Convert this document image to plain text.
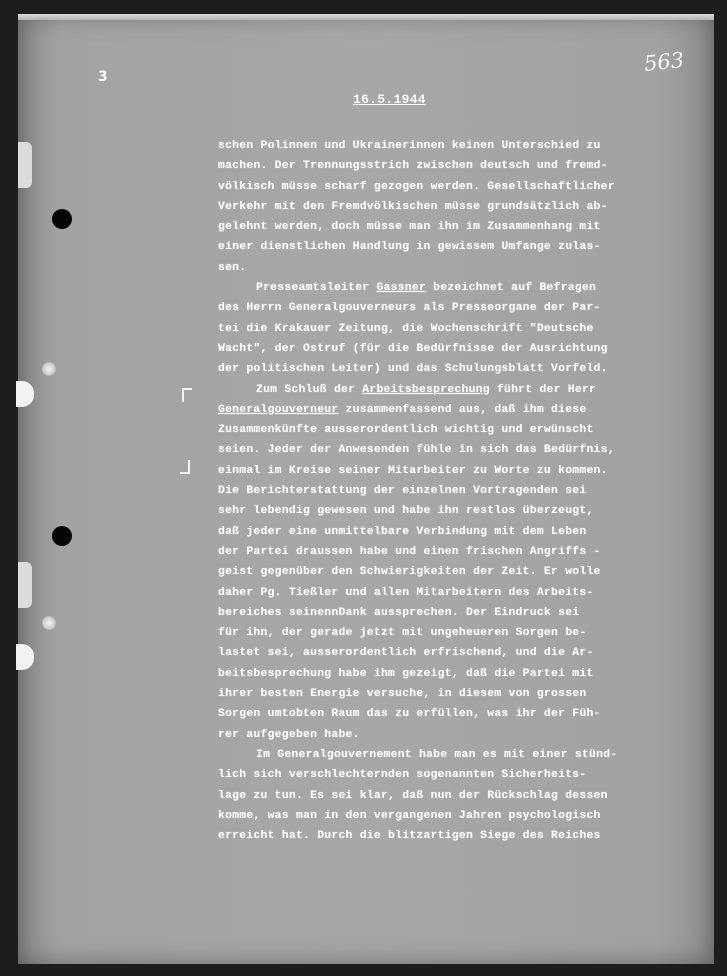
3
563
16.5.1944

schen Polinnen und Ukrainerinnen keinen Unterschied zu
machen. Der Trennungsstrich zwischen deutsch und fremd-
völkisch müsse scharf gezogen werden. Gesellschaftlicher
Verkehr mit den Fremdvölkischen müsse grundsätzlich ab-
gelehnt werden, doch müsse man ihn im Zusammenhang mit
einer dienstlichen Handlung in gewissem Umfange zulas-
sen.

Presseamtsleiter Gassner bezeichnet auf Befragen
des Herrn Generalgouverneurs als Presseorgane der Par-
tei die Krakauer Zeitung, die Wochenschrift "Deutsche
Wacht", der Ostruf (für die Bedürfnisse der Ausrichtung
der politischen Leiter) und das Schulungsblatt Vorfeld.

Zum Schluß der Arbeitsbesprechung führt der Herr
Generalgouverneur zusammenfassend aus, daß ihm diese
Zusammenkünfte ausserordentlich wichtig und erwünscht
seien. Jeder der Anwesenden fühle in sich das Bedürfnis,
einmal im Kreise seiner Mitarbeiter zu Worte zu kommen.
Die Berichterstattung der einzelnen Vortragenden sei
sehr lebendig gewesen und habe ihn restlos überzeugt,
daß jeder eine unmittelbare Verbindung mit dem Leben
der Partei draussen habe und einen frischen Angriffs -
geist gegenüber den Schwierigkeiten der Zeit. Er wolle
daher Pg. Tießler und allen Mitarbeitern des Arbeits-
bereiches seinennDank aussprechen. Der Eindruck sei
für ihn, der gerade jetzt mit ungeheueren Sorgen be-
lastet sei, ausserordentlich erfrischend, und die Ar-
beitsbesprechung habe ihm gezeigt, daß die Partei mit
ihrer besten Energie versuche, in diesem von grossen
Sorgen umtobten Raum das zu erfüllen, was ihr der Füh-
rer aufgegeben habe.

Im Generalgouvernement habe man es mit einer stünd-
lich sich verschlechternden sogenannten Sicherheits-
lage zu tun. Es sei klar, daß nun der Rückschlag dessen
komme, was man in den vergangenen Jahren psychologisch
erreicht hat. Durch die blitzartigen Siege des Reiches
